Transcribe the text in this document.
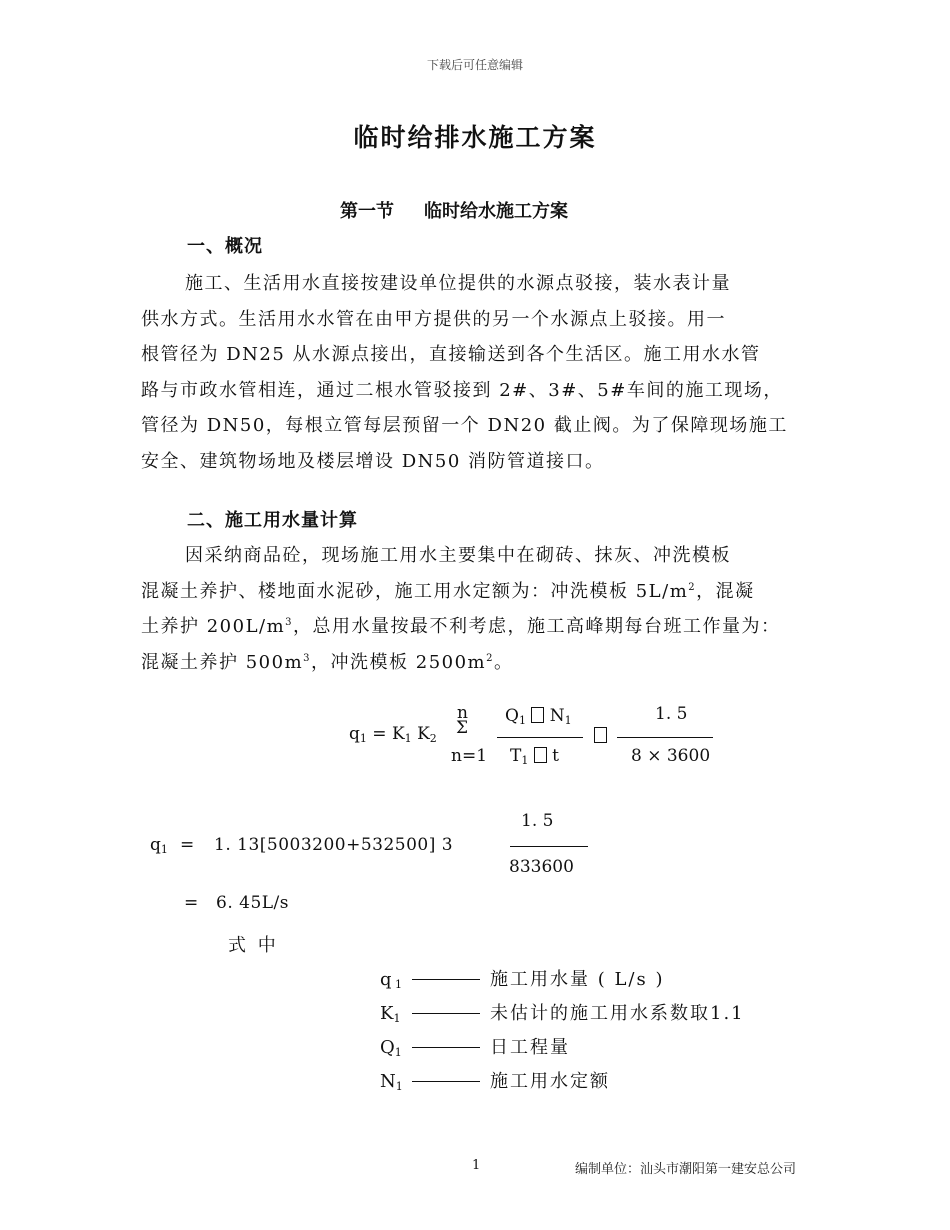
下载后可任意编辑
临时给排水施工方案
第一节 临时给水施工方案
一、概况
施工、生活用水直接按建设单位提供的水源点驳接，装水表计量
供水方式。生活用水水管在由甲方提供的另一个水源点上驳接。用一
根管径为 DN25 从水源点接出，直接输送到各个生活区。施工用水水管
路与市政水管相连，通过二根水管驳接到 2#、3#、5#车间的施工现场，
管径为 DN50，每根立管每层预留一个 DN20 截止阀。为了保障现场施工
安全、建筑物场地及楼层增设 DN50 消防管道接口。
二、施工用水量计算
因采纳商品砼，现场施工用水主要集中在砌砖、抹灰、冲洗模板
混凝土养护、楼地面水泥砂，施工用水定额为：冲洗模板 $5L/m^2$，混凝
土养护 $200L/m^3$，总用水量按最不利考虑，施工高峰期每台班工作量为：
混凝土养护 $500m^3$，冲洗模板 $2500m^2$。
$q_1 = K_1$ $K_2$
n
Σ
n=1
$Q_1$ $N_1$
$T_1$ t
1. 5
8 × 3600
$q_1 = 1$. 13[5003200+532500] 3
1. 5
833600
= 6. 45L/s
式 中
q $_1$	施工用水量 ( L/s )
$K_1$	未估计的施工用水系数取1.1
$Q_1$	日工程量
$N_1$	施工用水定额
1	编制单位：汕头市潮阳第一建安总公司
